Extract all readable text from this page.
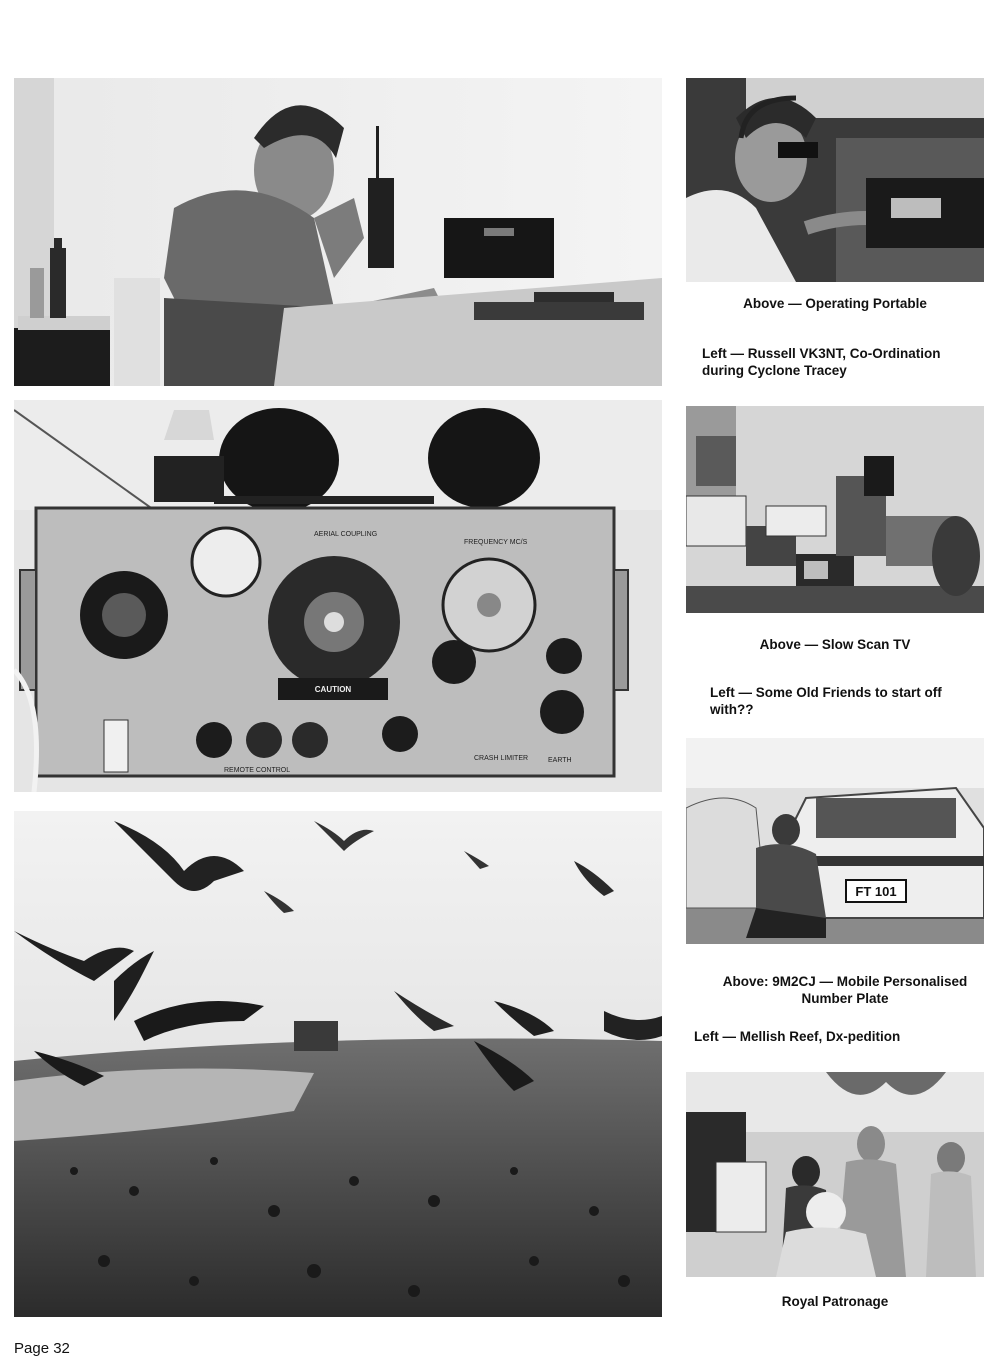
CAUTION
AERIAL COUPLING
FREQUENCY MC/S
REMOTE CONTROL
CRASH LIMITER	EARTH
Above — Operating Portable
Left — Russell VK3NT, Co-Ordination during Cyclone Tracey
Above — Slow Scan TV
Left — Some Old Friends to start off with??
FT 101
Above: 9M2CJ — Mobile Personalised Number Plate
Left — Mellish Reef, Dx-pedition
Royal Patronage
Page 32
